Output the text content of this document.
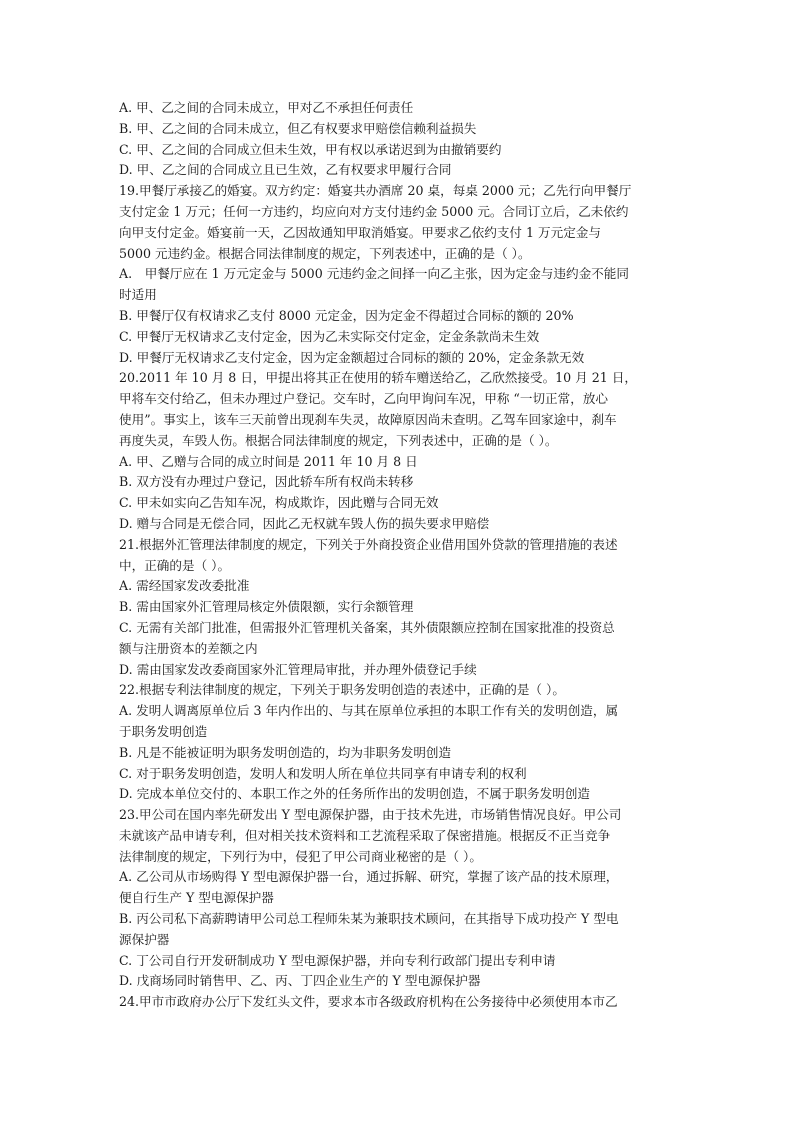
A. 甲、乙之间的合同未成立，甲对乙不承担任何责任
B. 甲、乙之间的合同未成立，但乙有权要求甲赔偿信赖利益损失
C. 甲、乙之间的合同成立但未生效，甲有权以承诺迟到为由撤销要约
D. 甲、乙之间的合同成立且已生效，乙有权要求甲履行合同
19.甲餐厅承接乙的婚宴。双方约定：婚宴共办酒席 20 桌，每桌 2000 元；乙先行向甲餐厅
支付定金 1 万元；任何一方违约，均应向对方支付违约金 5000 元。合同订立后，乙未依约
向甲支付定金。婚宴前一天，乙因故通知甲取消婚宴。甲要求乙依约支付 1 万元定金与
5000 元违约金。根据合同法律制度的规定，下列表述中，正确的是（ ）。
A.　甲餐厅应在 1 万元定金与 5000 元违约金之间择一向乙主张，因为定金与违约金不能同
时适用
B. 甲餐厅仅有权请求乙支付 8000 元定金，因为定金不得超过合同标的额的 20%
C. 甲餐厅无权请求乙支付定金，因为乙未实际交付定金，定金条款尚未生效
D. 甲餐厅无权请求乙支付定金，因为定金额超过合同标的额的 20%，定金条款无效
20.2011 年 10 月 8 日，甲提出将其正在使用的轿车赠送给乙，乙欣然接受。10 月 21 日，
甲将车交付给乙，但未办理过户登记。交车时，乙向甲询问车况，甲称 “一切正常，放心
使用”。事实上，该车三天前曾出现刹车失灵，故障原因尚未查明。乙驾车回家途中，刹车
再度失灵，车毁人伤。根据合同法律制度的规定，下列表述中，正确的是（ ）。
A. 甲、乙赠与合同的成立时间是 2011 年 10 月 8 日
B. 双方没有办理过户登记，因此轿车所有权尚未转移
C. 甲未如实向乙告知车况，构成欺诈，因此赠与合同无效
D. 赠与合同是无偿合同，因此乙无权就车毁人伤的损失要求甲赔偿
21.根据外汇管理法律制度的规定，下列关于外商投资企业借用国外贷款的管理措施的表述
中，正确的是（ ）。
A. 需经国家发改委批准
B. 需由国家外汇管理局核定外债限额，实行余额管理
C. 无需有关部门批准，但需报外汇管理机关备案，其外债限额应控制在国家批准的投资总
额与注册资本的差额之内
D. 需由国家发改委商国家外汇管理局审批，并办理外债登记手续
22.根据专利法律制度的规定，下列关于职务发明创造的表述中，正确的是（ ）。
A. 发明人调离原单位后 3 年内作出的、与其在原单位承担的本职工作有关的发明创造，属
于职务发明创造
B. 凡是不能被证明为职务发明创造的，均为非职务发明创造
C. 对于职务发明创造，发明人和发明人所在单位共同享有申请专利的权利
D. 完成本单位交付的、本职工作之外的任务所作出的发明创造，不属于职务发明创造
23.甲公司在国内率先研发出 Y 型电源保护器，由于技术先进，市场销售情况良好。甲公司
未就该产品申请专利，但对相关技术资料和工艺流程采取了保密措施。根据反不正当竞争
法律制度的规定，下列行为中，侵犯了甲公司商业秘密的是（ ）。
A. 乙公司从市场购得 Y 型电源保护器一台，通过拆解、研究，掌握了该产品的技术原理，
便自行生产 Y 型电源保护器
B. 丙公司私下高薪聘请甲公司总工程师朱某为兼职技术顾问，在其指导下成功投产 Y 型电
源保护器
C. 丁公司自行开发研制成功 Y 型电源保护器，并向专利行政部门提出专利申请
D. 戊商场同时销售甲、乙、丙、丁四企业生产的 Y 型电源保护器
24.甲市市政府办公厅下发红头文件，要求本市各级政府机构在公务接待中必须使用本市乙
